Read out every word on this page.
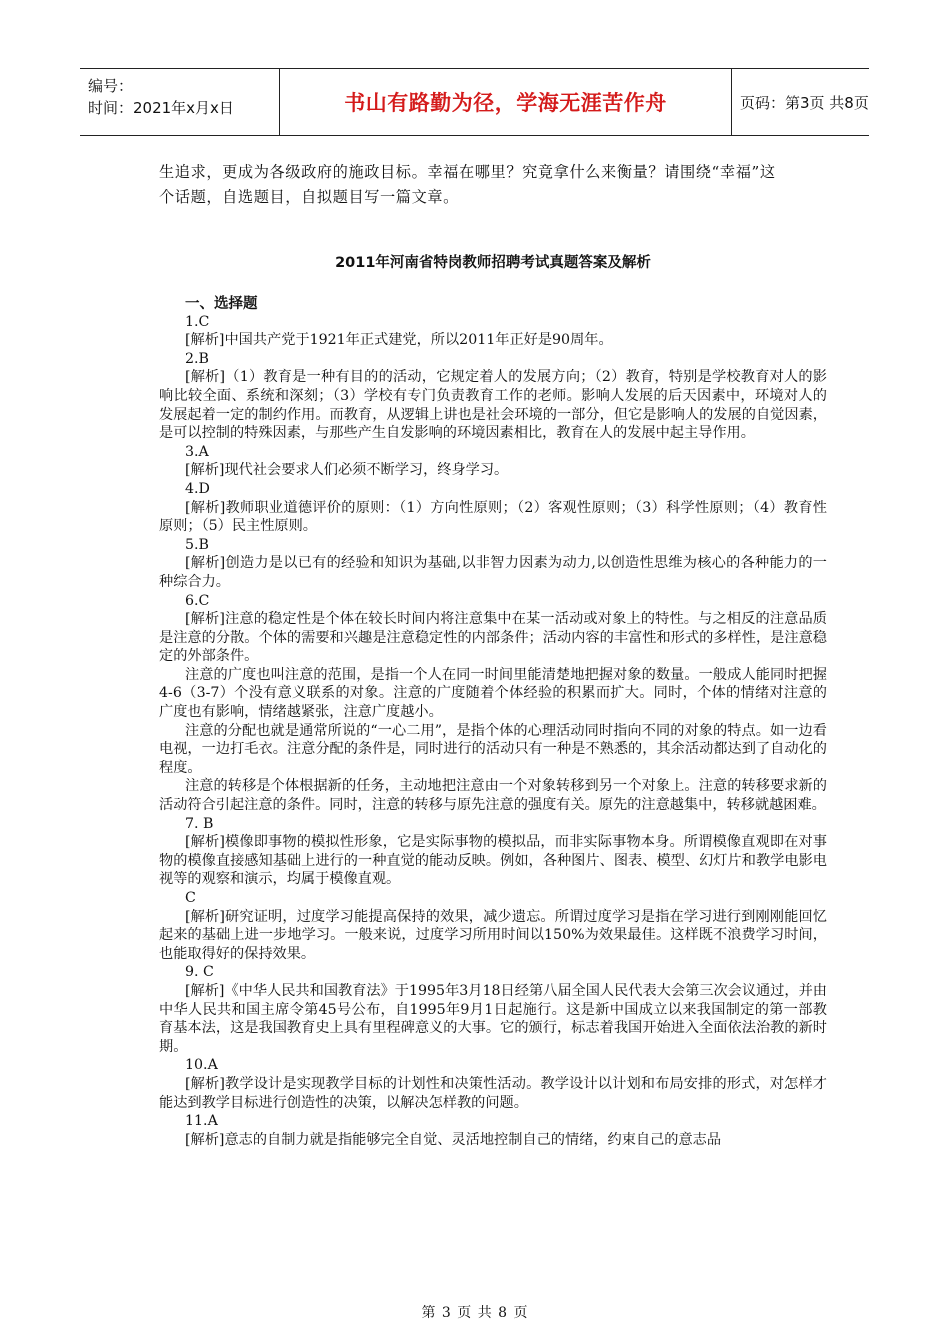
编号：
时间：2021年x月x日	书山有路勤为径，学海无涯苦作舟	页码：第3页 共8页

生追求，更成为各级政府的施政目标。幸福在哪里？究竟拿什么来衡量？请围绕“幸福”这

个话题，自选题目，自拟题目写一篇文章。

2011年河南省特岗教师招聘考试真题答案及解析
一、选择题
1.C

[解析]中国共产党于1921年正式建党，所以2011年正好是90周年。

2.B

[解析]（1）教育是一种有目的的活动，它规定着人的发展方向；（2）教育，特别是学校教育对人的影响比较全面、系统和深刻；（3）学校有专门负责教育工作的老师。影响人发展的后天因素中，环境对人的发展起着一定的制约作用。而教育，从逻辑上讲也是社会环境的一部分，但它是影响人的发展的自觉因素，是可以控制的特殊因素，与那些产生自发影响的环境因素相比，教育在人的发展中起主导作用。

3.A

[解析]现代社会要求人们必须不断学习，终身学习。

4.D

[解析]教师职业道德评价的原则：（1）方向性原则；（2）客观性原则；（3）科学性原则；（4）教育性原则；（5）民主性原则。

5.B

[解析]创造力是以已有的经验和知识为基础,以非智力因素为动力,以创造性思维为核心的各种能力的一种综合力。

6.C

[解析]注意的稳定性是个体在较长时间内将注意集中在某一活动或对象上的特性。与之相反的注意品质是注意的分散。个体的需要和兴趣是注意稳定性的内部条件；活动内容的丰富性和形式的多样性，是注意稳定的外部条件。

注意的广度也叫注意的范围，是指一个人在同一时间里能清楚地把握对象的数量。一般成人能同时把握4-6（3-7）个没有意义联系的对象。注意的广度随着个体经验的积累而扩大。同时，个体的情绪对注意的广度也有影响，情绪越紧张，注意广度越小。

注意的分配也就是通常所说的“一心二用”，是指个体的心理活动同时指向不同的对象的特点。如一边看电视，一边打毛衣。注意分配的条件是，同时进行的活动只有一种是不熟悉的，其余活动都达到了自动化的程度。

注意的转移是个体根据新的任务，主动地把注意由一个对象转移到另一个对象上。注意的转移要求新的活动符合引起注意的条件。同时，注意的转移与原先注意的强度有关。原先的注意越集中，转移就越困难。

7. B

[解析]模像即事物的模拟性形象，它是实际事物的模拟品，而非实际事物本身。所谓模像直观即在对事物的模像直接感知基础上进行的一种直觉的能动反映。例如，各种图片、图表、模型、幻灯片和教学电影电视等的观察和演示，均属于模像直观。

C

[解析]研究证明，过度学习能提高保持的效果，减少遗忘。所谓过度学习是指在学习进行到刚刚能回忆起来的基础上进一步地学习。一般来说，过度学习所用时间以150%为效果最佳。这样既不浪费学习时间，也能取得好的保持效果。

9. C

[解析]《中华人民共和国教育法》于1995年3月18日经第八届全国人民代表大会第三次会议通过，并由中华人民共和国主席令第45号公布，自1995年9月1日起施行。这是新中国成立以来我国制定的第一部教育基本法，这是我国教育史上具有里程碑意义的大事。它的颁行，标志着我国开始进入全面依法治教的新时期。

10.A

[解析]教学设计是实现教学目标的计划性和决策性活动。教学设计以计划和布局安排的形式，对怎样才能达到教学目标进行创造性的决策，以解决怎样教的问题。

11.A

[解析]意志的自制力就是指能够完全自觉、灵活地控制自己的情绪，约束自己的意志品

第 3 页 共 8 页
